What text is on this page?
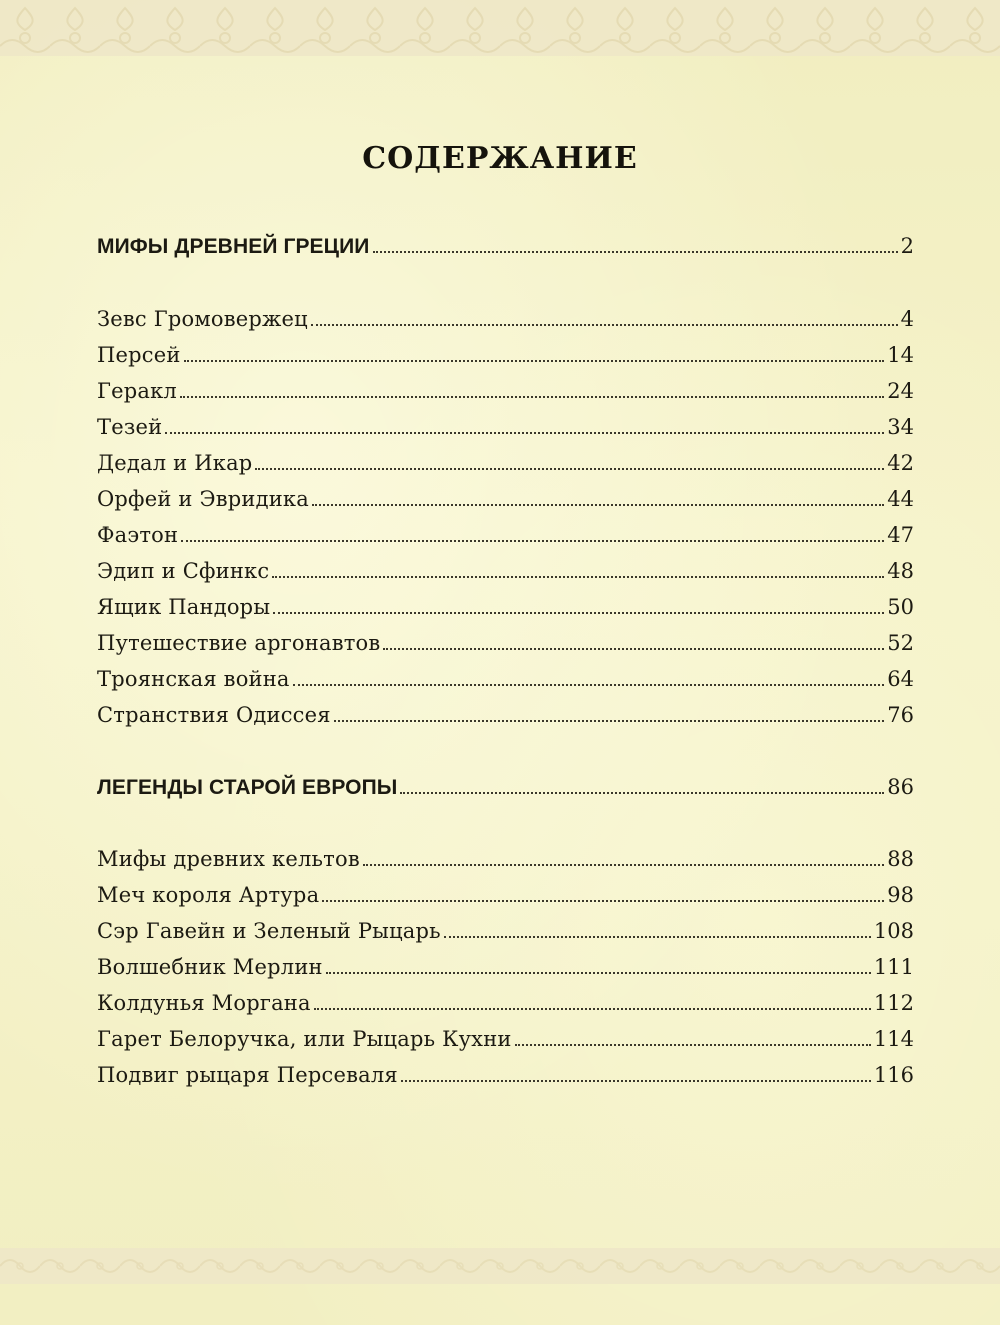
СОДЕРЖАНИЕ
МИФЫ ДРЕВНЕЙ ГРЕЦИИ	2
Зевс Громовержец	4
Персей	14
Геракл	24
Тезей	34
Дедал и Икар	42
Орфей и Эвридика	44
Фаэтон	47
Эдип и Сфинкс	48
Ящик Пандоры	50
Путешествие аргонавтов	52
Троянская война	64
Странствия Одиссея	76
ЛЕГЕНДЫ СТАРОЙ ЕВРОПЫ	86
Мифы древних кельтов	88
Меч короля Артура	98
Сэр Гавейн и Зеленый Рыцарь	108
Волшебник Мерлин	111
Колдунья Моргана	112
Гарет Белоручка, или Рыцарь Кухни	114
Подвиг рыцаря Персеваля	116
